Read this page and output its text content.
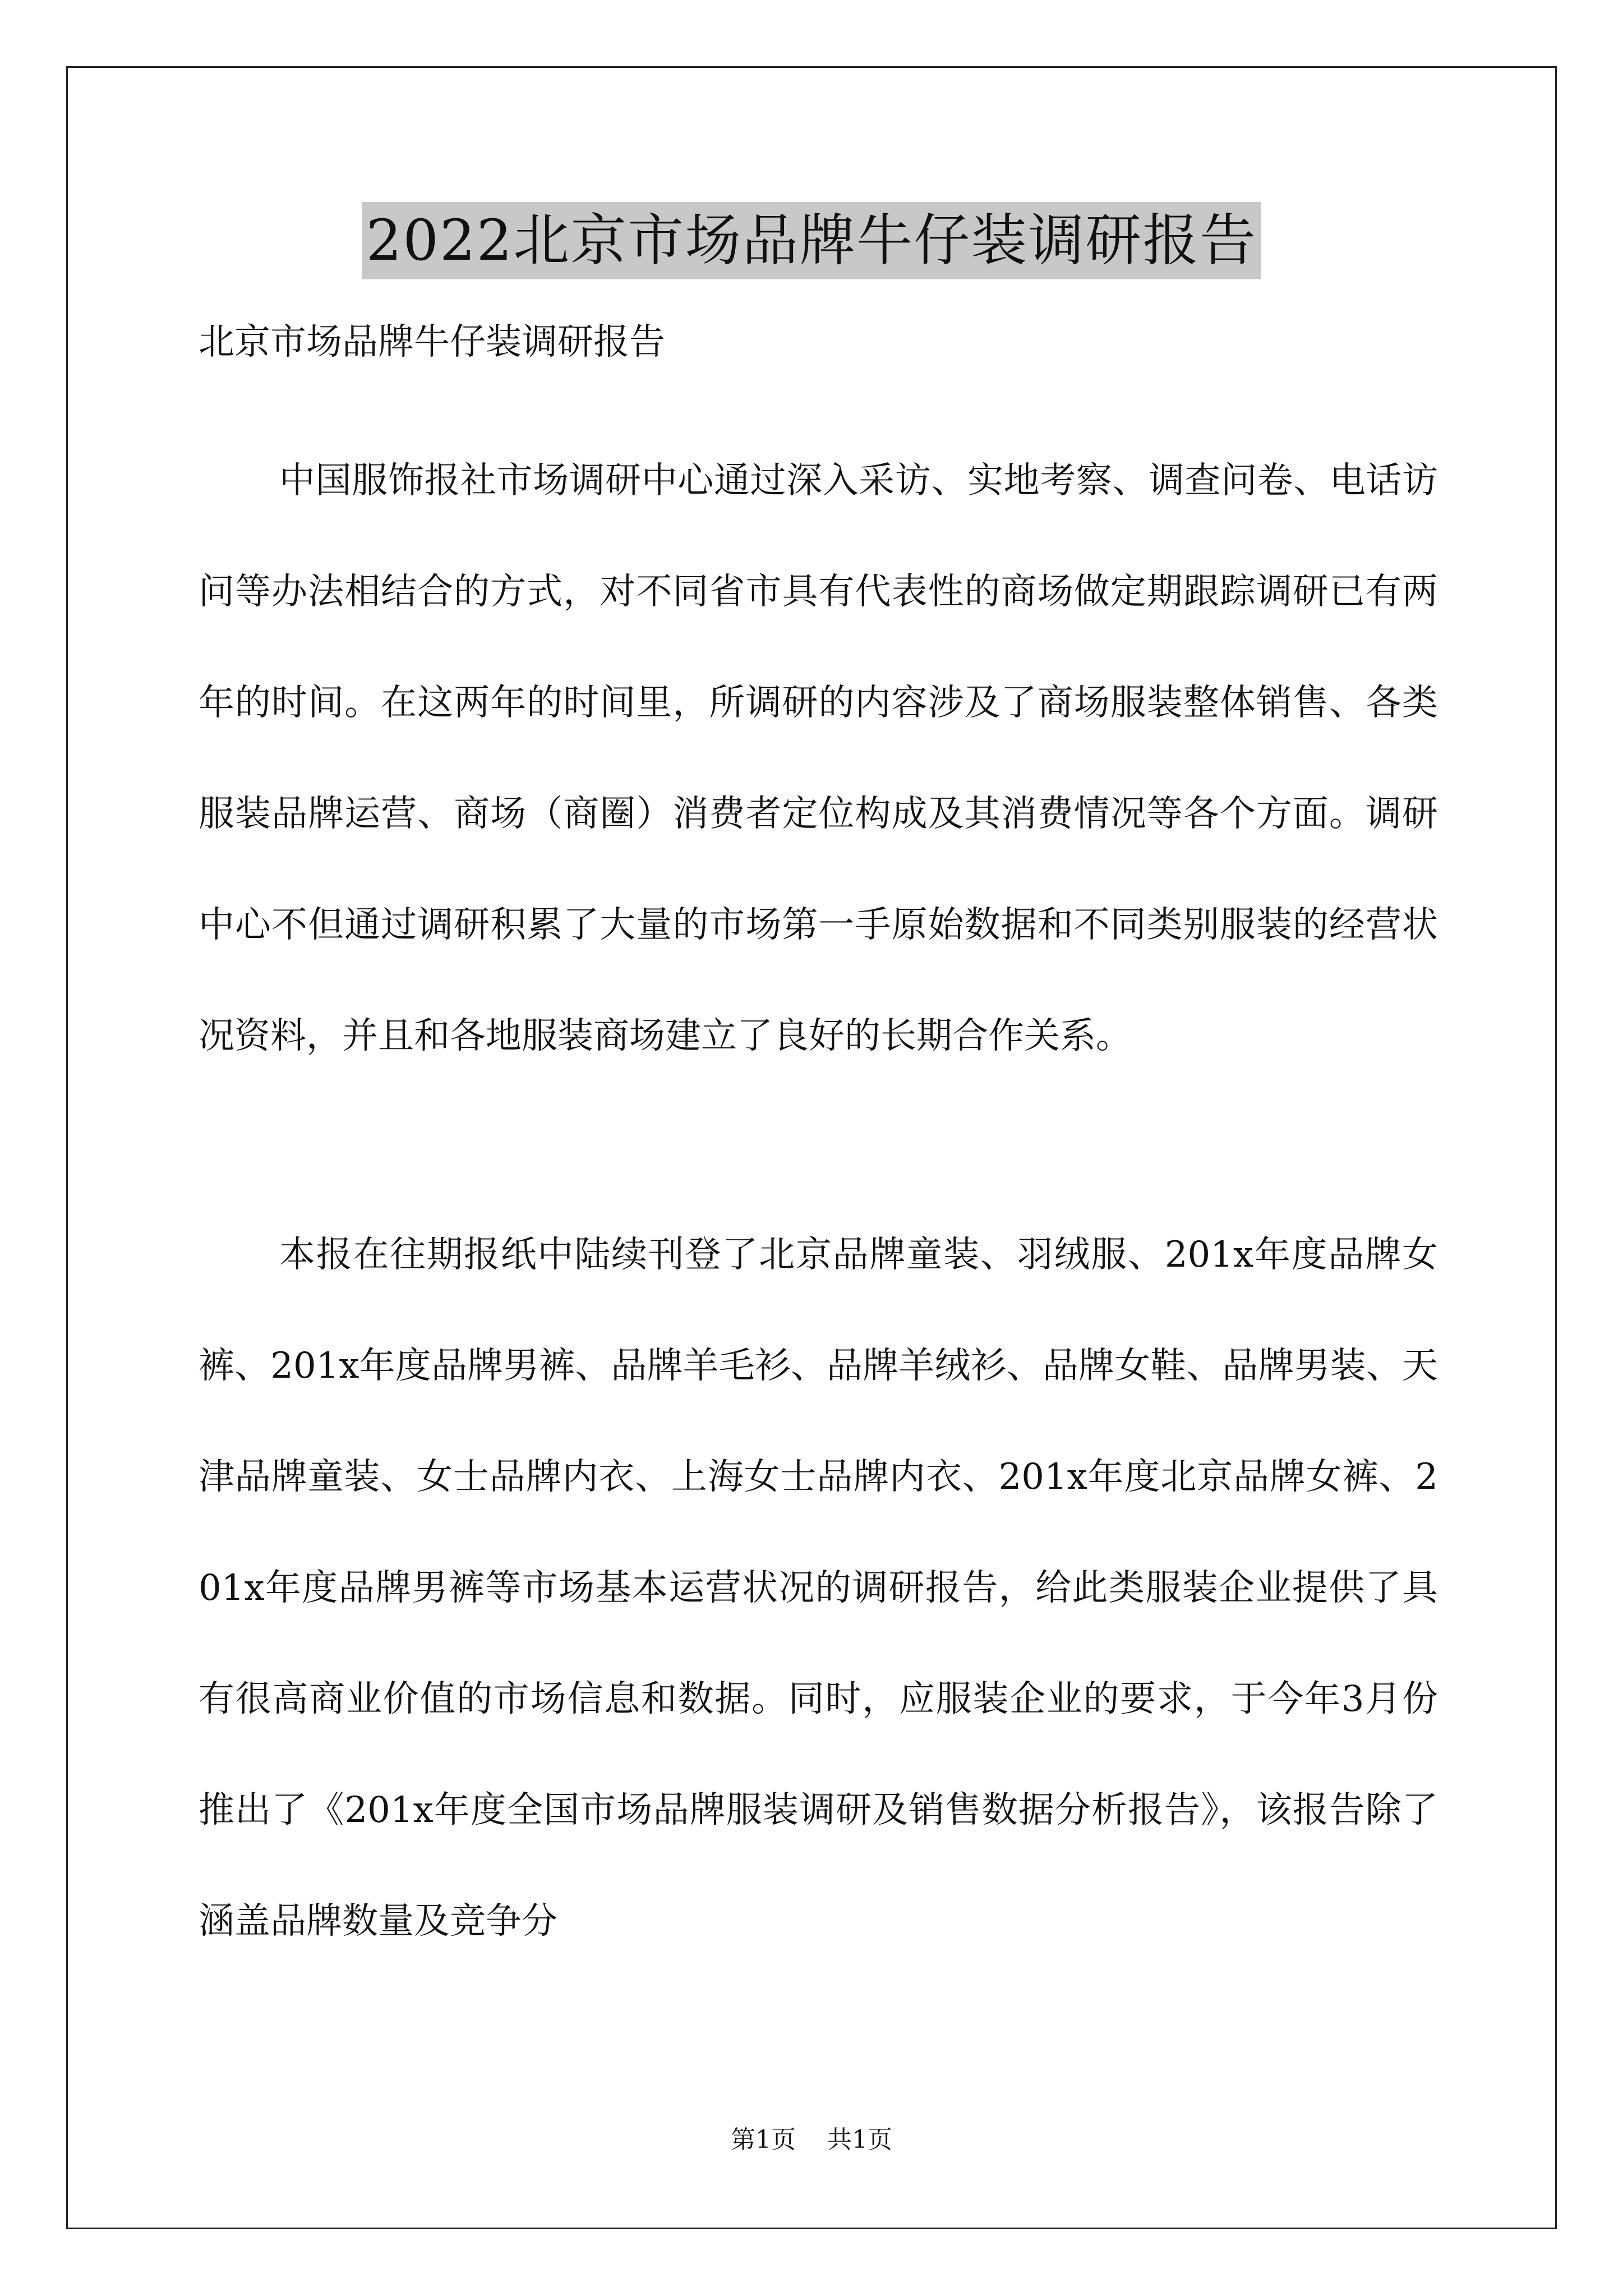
2022北京市场品牌牛仔装调研报告

北京市场品牌牛仔装调研报告

中国服饰报社市场调研中心通过深入采访、实地考察、调查问卷、电话访问等办法相结合的方式，对不同省市具有代表性的商场做定期跟踪调研已有两年的时间。在这两年的时间里，所调研的内容涉及了商场服装整体销售、各类服装品牌运营、商场（商圈）消费者定位构成及其消费情况等各个方面。调研中心不但通过调研积累了大量的市场第一手原始数据和不同类别服装的经营状况资料，并且和各地服装商场建立了良好的长期合作关系。

本报在往期报纸中陆续刊登了北京品牌童装、羽绒服、201x年度品牌女裤、201x年度品牌男裤、品牌羊毛衫、品牌羊绒衫、品牌女鞋、品牌男装、天津品牌童装、女士品牌内衣、上海女士品牌内衣、201x年度北京品牌女裤、201x年度品牌男裤等市场基本运营状况的调研报告，给此类服装企业提供了具有很高商业价值的市场信息和数据。同时，应服装企业的要求，于今年3月份推出了《201x年度全国市场品牌服装调研及销售数据分析报告》，该报告除了涵盖品牌数量及竞争分

第1页 共1页
